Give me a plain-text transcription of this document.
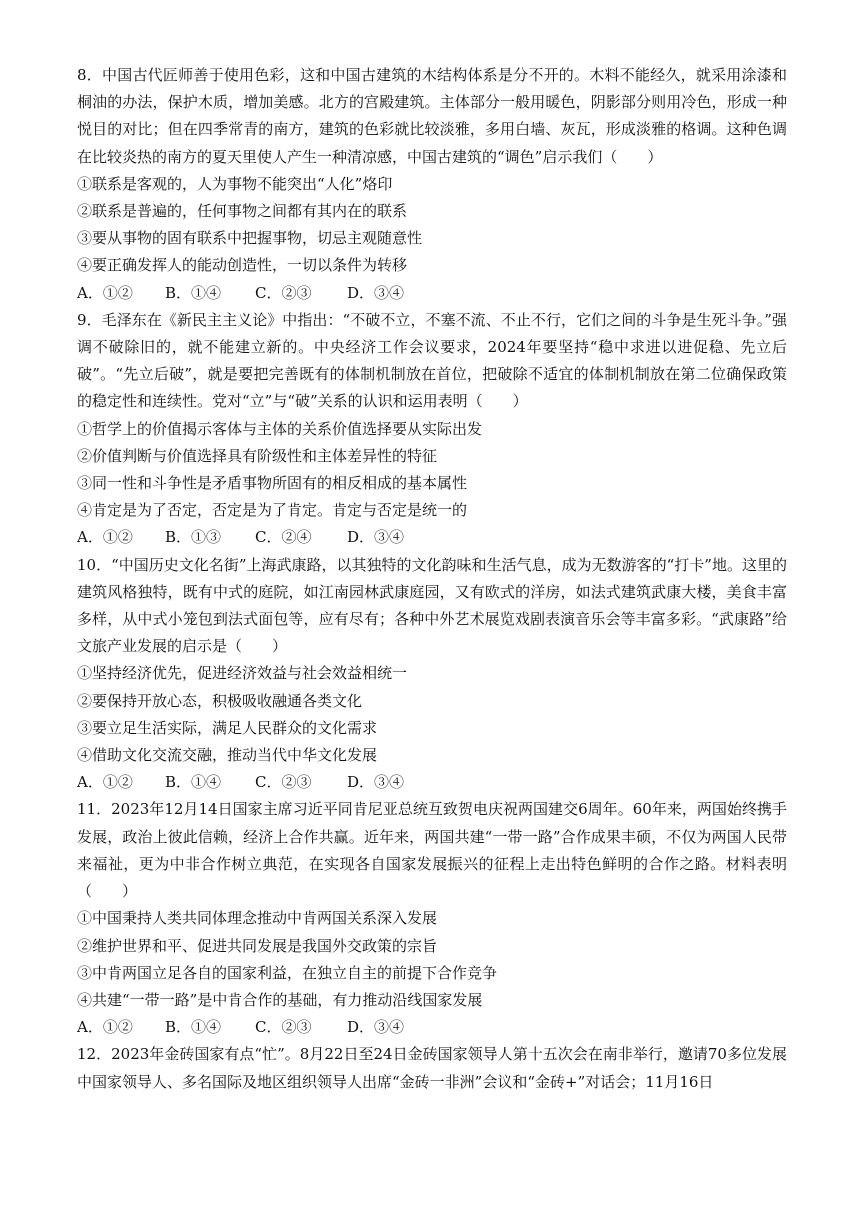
8．中国古代匠师善于使用色彩，这和中国古建筑的木结构体系是分不开的。木料不能经久，就采用涂漆和桐油的办法，保护木质，增加美感。北方的宫殿建筑。主体部分一般用暖色，阴影部分则用冷色，形成一种悦目的对比；但在四季常青的南方，建筑的色彩就比较淡雅，多用白墙、灰瓦，形成淡雅的格调。这种色调在比较炎热的南方的夏天里使人产生一种清凉感，中国古建筑的“调色”启示我们（　　）

①联系是客观的，人为事物不能突出“人化”烙印

②联系是普遍的，任何事物之间都有其内在的联系

③要从事物的固有联系中把握事物，切忌主观随意性

④要正确发挥人的能动创造性，一切以条件为转移

A．①②	B．①④	C．②③	D．③④

9．毛泽东在《新民主主义论》中指出：“不破不立，不塞不流、不止不行，它们之间的斗争是生死斗争。”强调不破除旧的，就不能建立新的。中央经济工作会议要求，2024年要坚持“稳中求进以进促稳、先立后破”。“先立后破”，就是要把完善既有的体制机制放在首位，把破除不适宜的体制机制放在第二位确保政策的稳定性和连续性。党对“立”与“破”关系的认识和运用表明（　　）

①哲学上的价值揭示客体与主体的关系价值选择要从实际出发

②价值判断与价值选择具有阶级性和主体差异性的特征

③同一性和斗争性是矛盾事物所固有的相反相成的基本属性

④肯定是为了否定，否定是为了肯定。肯定与否定是统一的

A．①②	B．①③	C．②④	D．③④

10．“中国历史文化名街”上海武康路，以其独特的文化韵味和生活气息，成为无数游客的“打卡”地。这里的建筑风格独特，既有中式的庭院，如江南园林武康庭园，又有欧式的洋房，如法式建筑武康大楼，美食丰富多样，从中式小笼包到法式面包等，应有尽有；各种中外艺术展览戏剧表演音乐会等丰富多彩。“武康路”给文旅产业发展的启示是（　　）

①坚持经济优先，促进经济效益与社会效益相统一

②要保持开放心态，积极吸收融通各类文化

③要立足生活实际，满足人民群众的文化需求

④借助文化交流交融，推动当代中华文化发展

A．①②	B．①④	C．②③	D．③④

11．2023年12月14日国家主席习近平同肯尼亚总统互致贺电庆祝两国建交6周年。60年来，两国始终携手发展，政治上彼此信赖，经济上合作共赢。近年来，两国共建“一带一路”合作成果丰硕，不仅为两国人民带来福祉，更为中非合作树立典范，在实现各自国家发展振兴的征程上走出特色鲜明的合作之路。材料表明（　　）

①中国秉持人类共同体理念推动中肯两国关系深入发展

②维护世界和平、促进共同发展是我国外交政策的宗旨

③中肯两国立足各自的国家利益，在独立自主的前提下合作竞争

④共建“一带一路”是中肯合作的基础，有力推动沿线国家发展

A．①②	B．①④	C．②③	D．③④

12．2023年金砖国家有点“忙”。8月22日至24日金砖国家领导人第十五次会在南非举行，邀请70多位发展中国家领导人、多名国际及地区组织领导人出席“金砖一非洲”会议和“金砖+”对话会；11月16日
